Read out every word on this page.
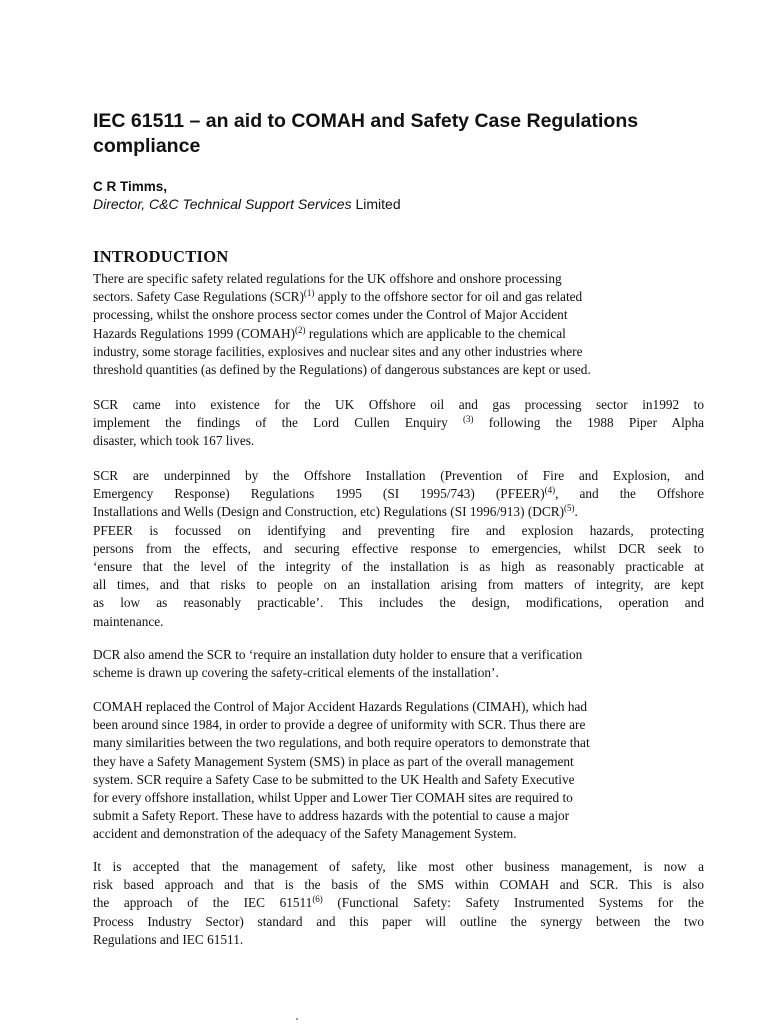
IEC 61511 – an aid to COMAH and Safety Case Regulations compliance
C R Timms,
Director, C&C Technical Support Services Limited
INTRODUCTION
There are specific safety related regulations for the UK offshore and onshore processing
sectors. Safety Case Regulations (SCR)$^{(1)}$ apply to the offshore sector for oil and gas related
processing, whilst the onshore process sector comes under the Control of Major Accident
Hazards Regulations 1999 (COMAH)$^{(2)}$ regulations which are applicable to the chemical
industry, some storage facilities, explosives and nuclear sites and any other industries where
threshold quantities (as defined by the Regulations) of dangerous substances are kept or used.
SCR came into existence for the UK Offshore oil and gas processing sector in1992 to
implement the findings of the Lord Cullen Enquiry $^{(3)}$ following the 1988 Piper Alpha
disaster, which took 167 lives.
SCR are underpinned by the Offshore Installation (Prevention of Fire and Explosion, and
Emergency Response) Regulations 1995 (SI 1995/743) (PFEER)$^{(4)}$, and the Offshore
Installations and Wells (Design and Construction, etc) Regulations (SI 1996/913) (DCR)$^{(5)}$.
PFEER is focussed on identifying and preventing fire and explosion hazards, protecting
persons from the effects, and securing effective response to emergencies, whilst DCR seek to
‘ensure that the level of the integrity of the installation is as high as reasonably practicable at
all times, and that risks to people on an installation arising from matters of integrity, are kept
as low as reasonably practicable’. This includes the design, modifications, operation and
maintenance.
DCR also amend the SCR to ‘require an installation duty holder to ensure that a verification
scheme is drawn up covering the safety-critical elements of the installation’.
COMAH replaced the Control of Major Accident Hazards Regulations (CIMAH), which had
been around since 1984, in order to provide a degree of uniformity with SCR. Thus there are
many similarities between the two regulations, and both require operators to demonstrate that
they have a Safety Management System (SMS) in place as part of the overall management
system. SCR require a Safety Case to be submitted to the UK Health and Safety Executive
for every offshore installation, whilst Upper and Lower Tier COMAH sites are required to
submit a Safety Report. These have to address hazards with the potential to cause a major
accident and demonstration of the adequacy of the Safety Management System.
It is accepted that the management of safety, like most other business management, is now a
risk based approach and that is the basis of the SMS within COMAH and SCR. This is also
the approach of the IEC 61511$^{(6)}$ (Functional Safety: Safety Instrumented Systems for the
Process Industry Sector) standard and this paper will outline the synergy between the two
Regulations and IEC 61511.
